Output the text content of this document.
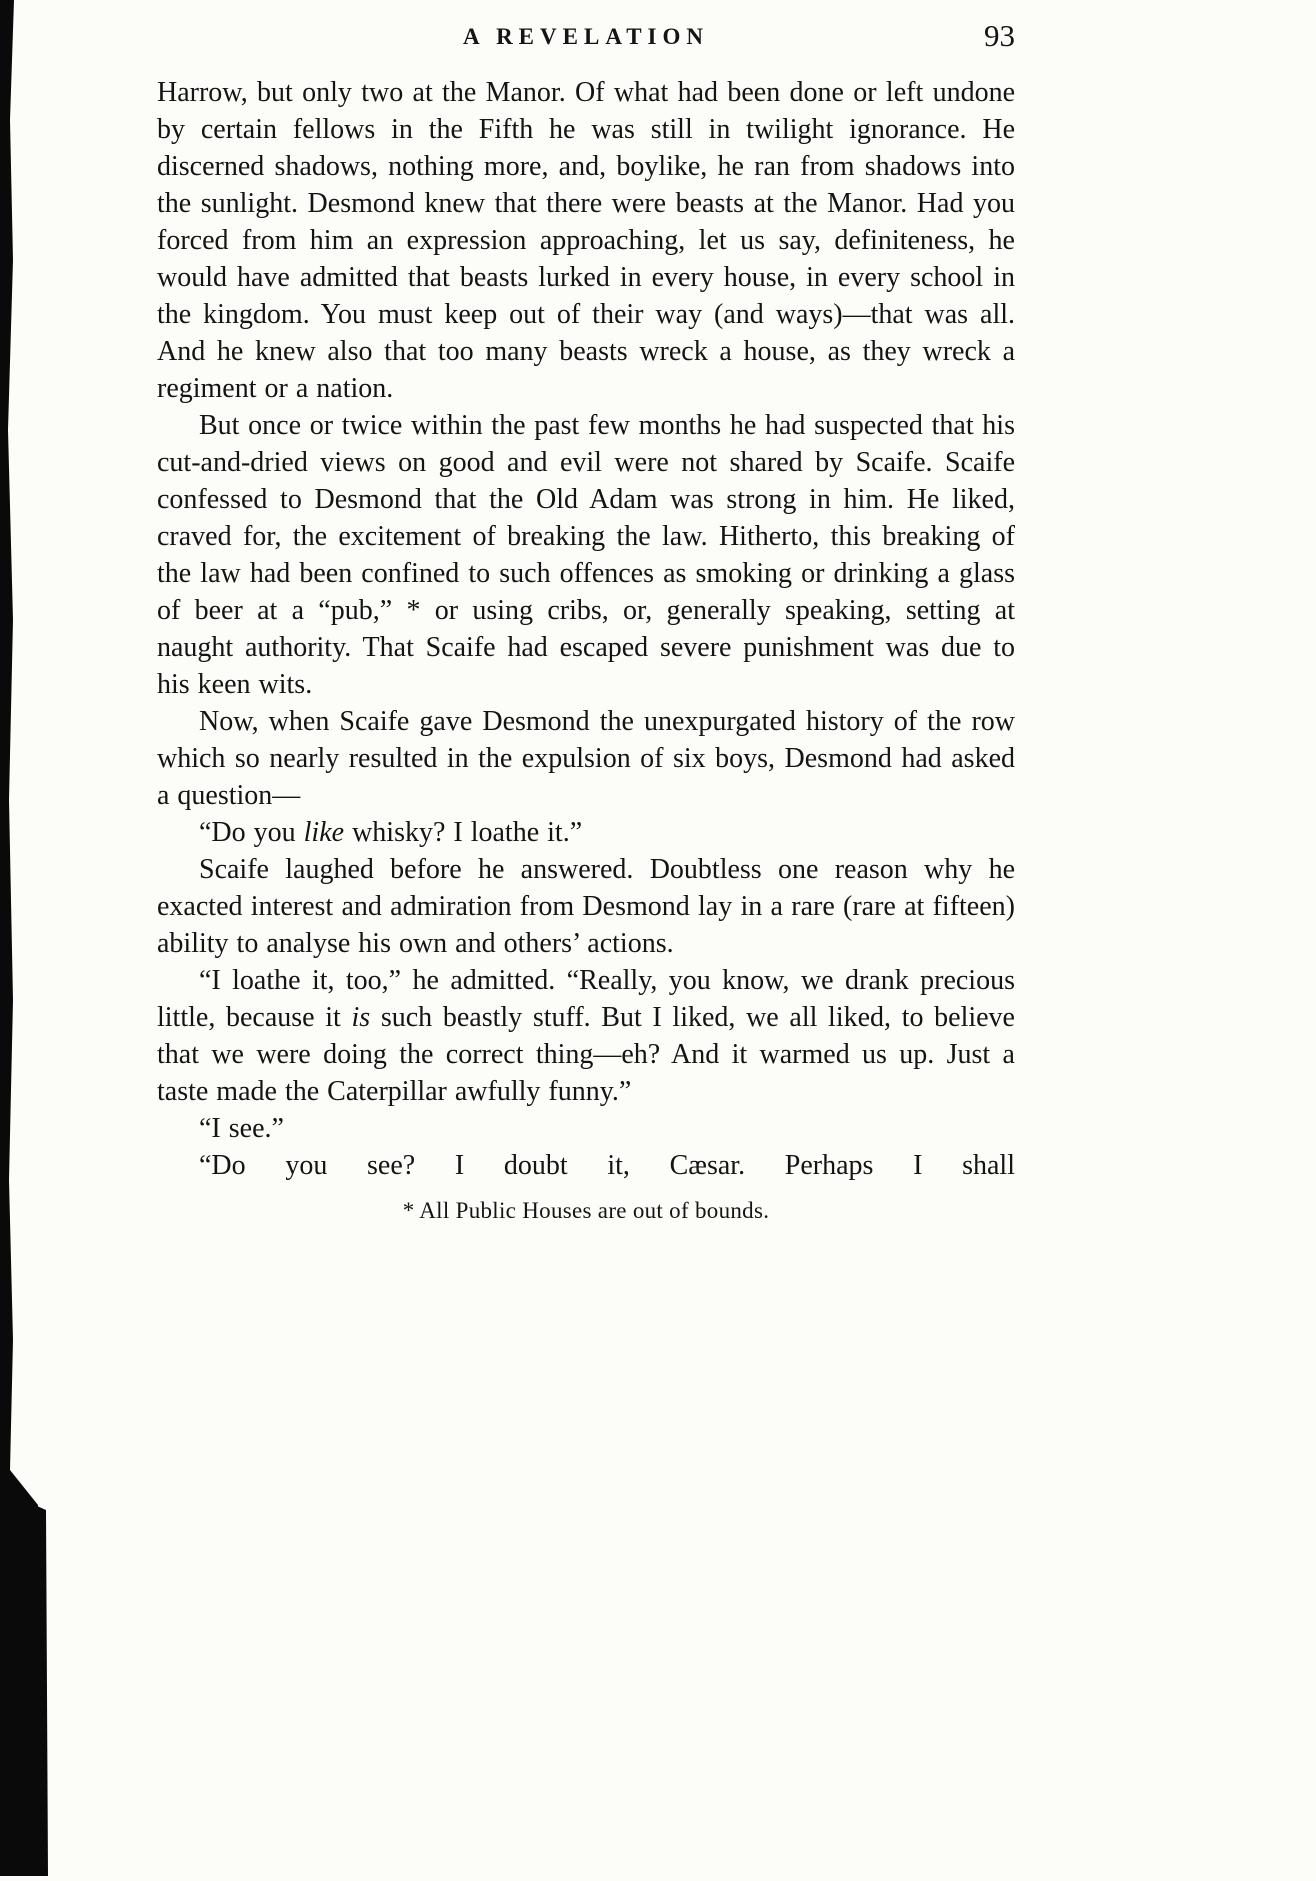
A REVELATION	93

Harrow, but only two at the Manor. Of what had been done or left undone by certain fellows in the Fifth he was still in twilight ignorance. He discerned shadows, nothing more, and, boylike, he ran from shadows into the sunlight. Desmond knew that there were beasts at the Manor. Had you forced from him an expression approaching, let us say, definiteness, he would have admitted that beasts lurked in every house, in every school in the kingdom. You must keep out of their way (and ways)—that was all. And he knew also that too many beasts wreck a house, as they wreck a regiment or a nation.

But once or twice within the past few months he had suspected that his cut-and-dried views on good and evil were not shared by Scaife. Scaife confessed to Desmond that the Old Adam was strong in him. He liked, craved for, the excitement of breaking the law. Hitherto, this breaking of the law had been confined to such offences as smoking or drinking a glass of beer at a “pub,” * or using cribs, or, generally speaking, setting at naught authority. That Scaife had escaped severe punishment was due to his keen wits.

Now, when Scaife gave Desmond the unexpurgated history of the row which so nearly resulted in the expulsion of six boys, Desmond had asked a question—

“Do you like whisky? I loathe it.”

Scaife laughed before he answered. Doubtless one reason why he exacted interest and admiration from Desmond lay in a rare (rare at fifteen) ability to analyse his own and others’ actions.

“I loathe it, too,” he admitted. “Really, you know, we drank precious little, because it is such beastly stuff. But I liked, we all liked, to believe that we were doing the correct thing—eh? And it warmed us up. Just a taste made the Caterpillar awfully funny.”

“I see.”

“Do you see? I doubt it, Cæsar. Perhaps I shall

* All Public Houses are out of bounds.
